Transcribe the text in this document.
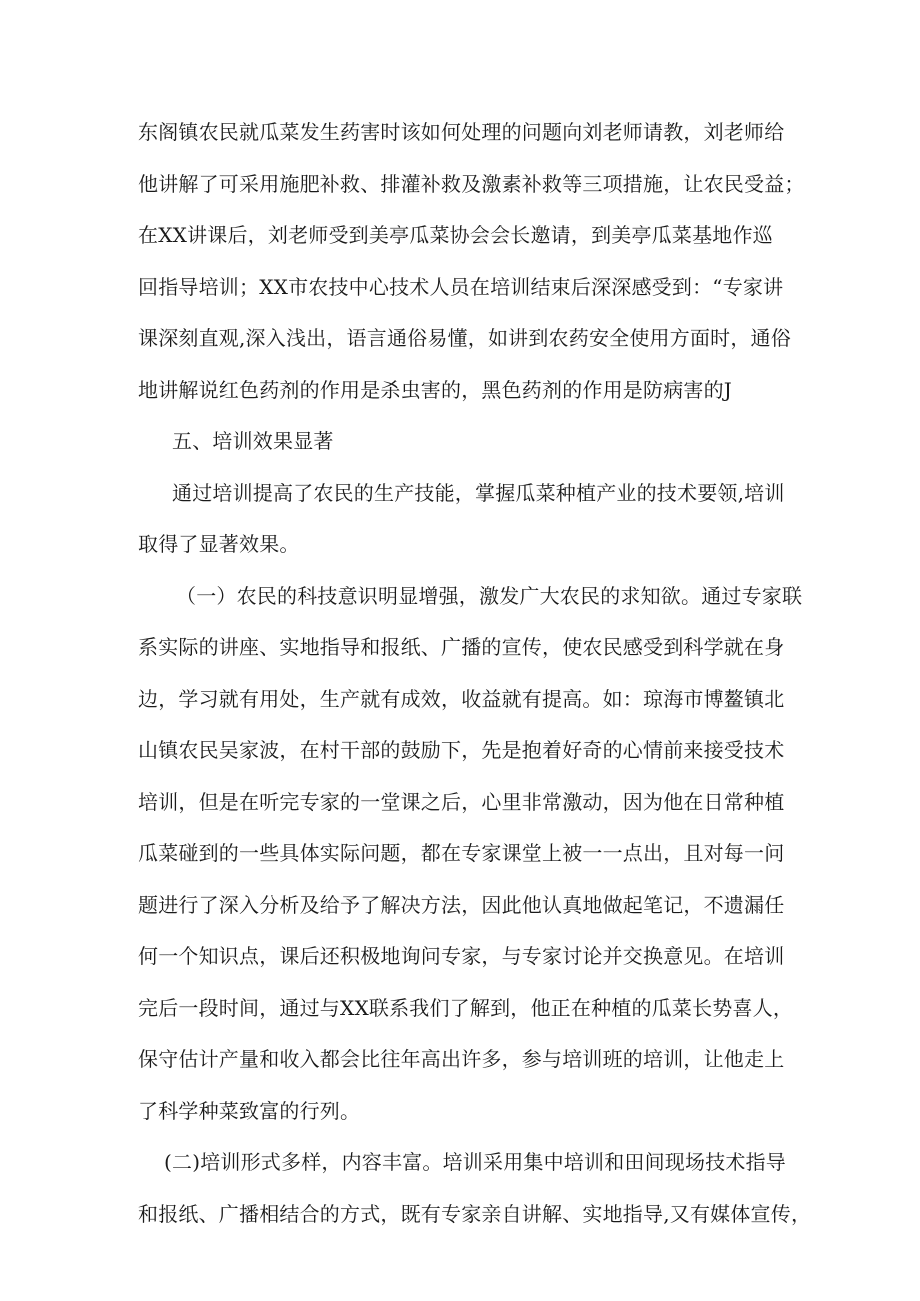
东阁镇农民就瓜菜发生药害时该如何处理的问题向刘老师请教，刘老师给
他讲解了可采用施肥补救、排灌补救及激素补救等三项措施，让农民受益；
在XX讲课后，刘老师受到美亭瓜菜协会会长邀请，到美亭瓜菜基地作巡
回指导培训；XX市农技中心技术人员在培训结束后深深感受到：“专家讲
课深刻直观,深入浅出，语言通俗易懂，如讲到农药安全使用方面时，通俗
地讲解说红色药剂的作用是杀虫害的，黑色药剂的作用是防病害的J
五、培训效果显著
通过培训提高了农民的生产技能，掌握瓜菜种植产业的技术要领,培训
取得了显著效果。
（一）农民的科技意识明显增强，激发广大农民的求知欲。通过专家联
系实际的讲座、实地指导和报纸、广播的宣传，使农民感受到科学就在身
边，学习就有用处，生产就有成效，收益就有提高。如：琼海市博鳌镇北
山镇农民吴家波，在村干部的鼓励下，先是抱着好奇的心情前来接受技术
培训，但是在听完专家的一堂课之后，心里非常激动，因为他在日常种植
瓜菜碰到的一些具体实际问题，都在专家课堂上被一一点出，且对每一问
题进行了深入分析及给予了解决方法，因此他认真地做起笔记，不遗漏任
何一个知识点，课后还积极地询问专家，与专家讨论并交换意见。在培训
完后一段时间，通过与XX联系我们了解到，他正在种植的瓜菜长势喜人，
保守估计产量和收入都会比往年高出许多，参与培训班的培训，让他走上
了科学种菜致富的行列。
(二)培训形式多样，内容丰富。培训采用集中培训和田间现场技术指导
和报纸、广播相结合的方式，既有专家亲自讲解、实地指导,又有媒体宣传，
